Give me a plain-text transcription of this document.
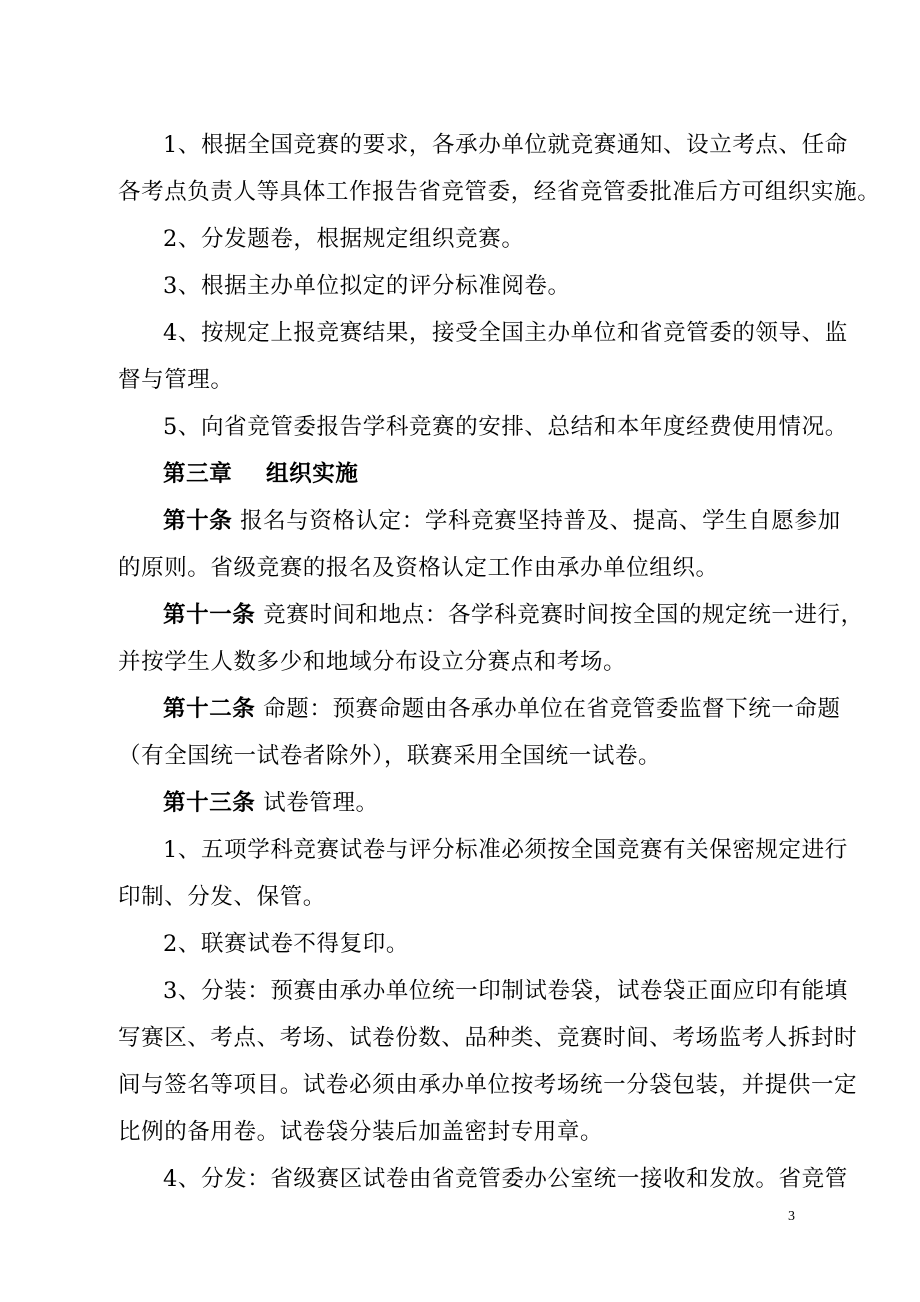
1、根据全国竞赛的要求，各承办单位就竞赛通知、设立考点、任命
各考点负责人等具体工作报告省竞管委，经省竞管委批准后方可组织实施。

2、分发题卷，根据规定组织竞赛。

3、根据主办单位拟定的评分标准阅卷。

4、按规定上报竞赛结果，接受全国主办单位和省竞管委的领导、监
督与管理。

5、向省竞管委报告学科竞赛的安排、总结和本年度经费使用情况。

第三章    组织实施

第十条 报名与资格认定：学科竞赛坚持普及、提高、学生自愿参加
的原则。省级竞赛的报名及资格认定工作由承办单位组织。

第十一条 竞赛时间和地点：各学科竞赛时间按全国的规定统一进行，
并按学生人数多少和地域分布设立分赛点和考场。

第十二条 命题：预赛命题由各承办单位在省竞管委监督下统一命题
（有全国统一试卷者除外），联赛采用全国统一试卷。

第十三条 试卷管理。

1、五项学科竞赛试卷与评分标准必须按全国竞赛有关保密规定进行
印制、分发、保管。

2、联赛试卷不得复印。

3、分装：预赛由承办单位统一印制试卷袋，试卷袋正面应印有能填
写赛区、考点、考场、试卷份数、品种类、竞赛时间、考场监考人拆封时
间与签名等项目。试卷必须由承办单位按考场统一分袋包装，并提供一定
比例的备用卷。试卷袋分装后加盖密封专用章。

4、分发：省级赛区试卷由省竞管委办公室统一接收和发放。省竞管

3
